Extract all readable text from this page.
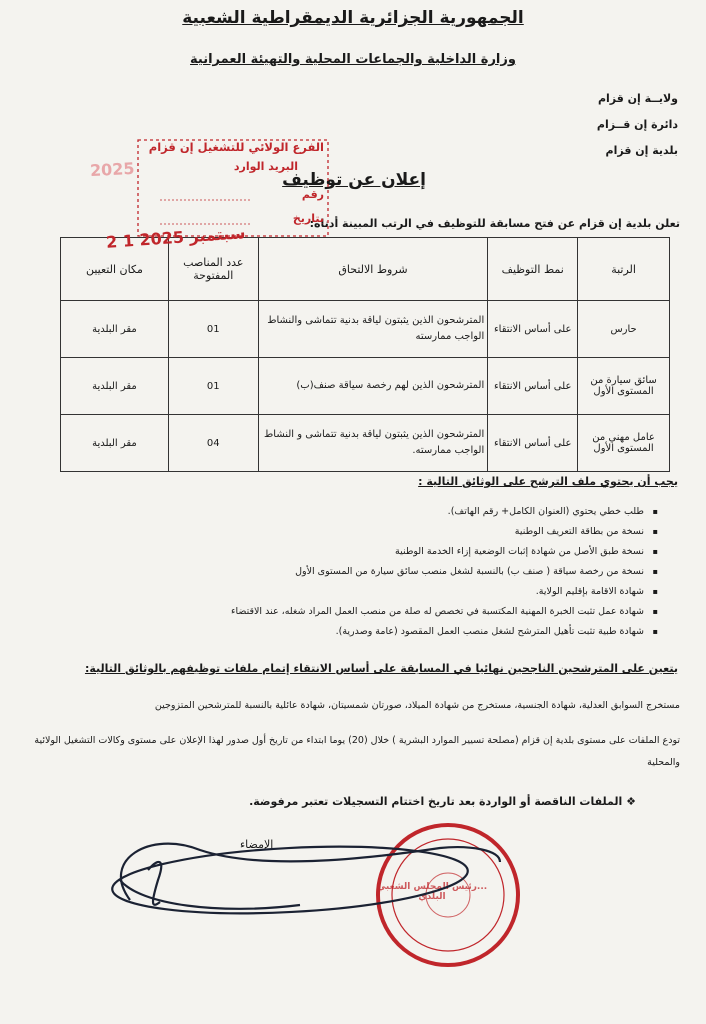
الجمهورية الجزائرية الديمقراطية الشعبية
وزارة الداخلية والجماعات المحلية والتهيئة العمرانية
ولايــة إن قزام
دائرة إن قــزام
بلدية إن قزام
إعلان عن توظيف
تعلن بلدية إن قزام عن فتح مسابقة للتوظيف في الرتب المبينة أدناه:
الرتبة	نمط التوظيف	شروط الالتحاق	عدد المناصب المفتوحة	مكان التعيين
حارس	على أساس الانتقاء	المترشحون الذين يثبتون لياقة بدنية تتماشى والنشاط الواجب ممارسته	01	مقر البلدية
سائق سيارة من المستوى الأول	على أساس الانتقاء	المترشحون الذين لهم رخصة سياقة صنف(ب)	01	مقر البلدية
عامل مهني من المستوى الأول	على أساس الانتقاء	المترشحون الذين يثبتون لياقة بدنية تتماشى و النشاط الواجب ممارسته.	04	مقر البلدية
يجب أن يحتوي ملف الترشح على الوثائق التالية :
▪ طلب خطي يحتوي (العنوان الكامل+ رقم الهاتف).
▪ نسخة من بطاقة التعريف الوطنية
▪ نسخة طبق الأصل من شهادة إثبات الوضعية إزاء الخدمة الوطنية
▪ نسخة من رخصة سياقة ( صنف ب) بالنسبة لشغل منصب سائق سيارة من المستوى الأول
▪ شهادة الاقامة بإقليم الولاية.
▪ شهادة عمل تثبت الخبرة المهنية المكتسبة في تخصص له صلة من منصب العمل المراد شغله، عند الاقتضاء
▪ شهادة طبية تثبت تأهيل المترشح لشغل منصب العمل المقصود (عامة وصدرية).
يتعين على المترشحين الناجحين نهائيا في المسابقة على أساس الانتقاء إتمام ملفات توظيفهم بالوثائق التالية:
مستخرج السوابق العدلية، شهادة الجنسية، مستخرج من شهادة الميلاد، صورتان شمسيتان، شهادة عائلية بالنسبة للمترشحين المتزوجين
تودع الملفات على مستوى بلدية إن قزام (مصلحة تسيير الموارد البشرية ) خلال (20) يوما ابتداء من تاريخ أول صدور لهذا الإعلان على مستوى وكالات التشغيل الولائية والمحلية
❖ الملفات الناقصة أو الواردة بعد تاريخ اختتام التسجيلات تعتبر مرفوضة.
الإمضاء
الفرع الولائي للتشغيل إن قزام
البريد الوارد
رقم
بتاريخ
2 1 سبتمبر 2025
2025
...رئيس المجلس الشعبي البلدي
